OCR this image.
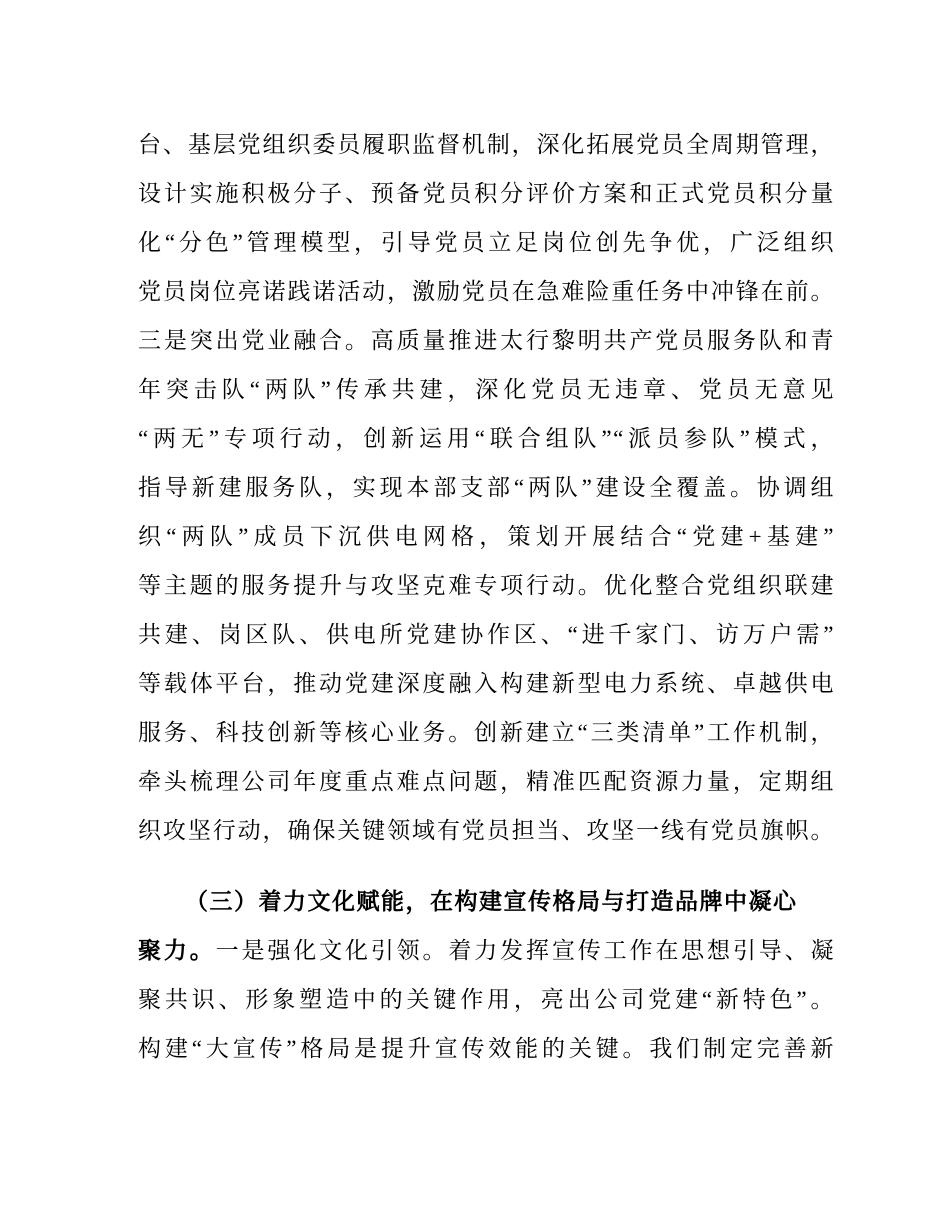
台、基层党组织委员履职监督机制，深化拓展党员全周期管理，
设计实施积极分子、预备党员积分评价方案和正式党员积分量
化“分色”管理模型，引导党员立足岗位创先争优，广泛组织
党员岗位亮诺践诺活动，激励党员在急难险重任务中冲锋在前。
三是突出党业融合。高质量推进太行黎明共产党员服务队和青
年突击队“两队”传承共建，深化党员无违章、党员无意见
“两无”专项行动，创新运用“联合组队”“派员参队”模式，
指导新建服务队，实现本部支部“两队”建设全覆盖。协调组
织“两队”成员下沉供电网格，策划开展结合“党建+基建”
等主题的服务提升与攻坚克难专项行动。优化整合党组织联建
共建、岗区队、供电所党建协作区、“进千家门、访万户需”
等载体平台，推动党建深度融入构建新型电力系统、卓越供电
服务、科技创新等核心业务。创新建立“三类清单”工作机制，
牵头梳理公司年度重点难点问题，精准匹配资源力量，定期组
织攻坚行动，确保关键领域有党员担当、攻坚一线有党员旗帜。
（三）着力文化赋能，在构建宣传格局与打造品牌中凝心
聚力。一是强化文化引领。着力发挥宣传工作在思想引导、凝
聚共识、形象塑造中的关键作用，亮出公司党建“新特色”。
构建“大宣传”格局是提升宣传效能的关键。我们制定完善新
